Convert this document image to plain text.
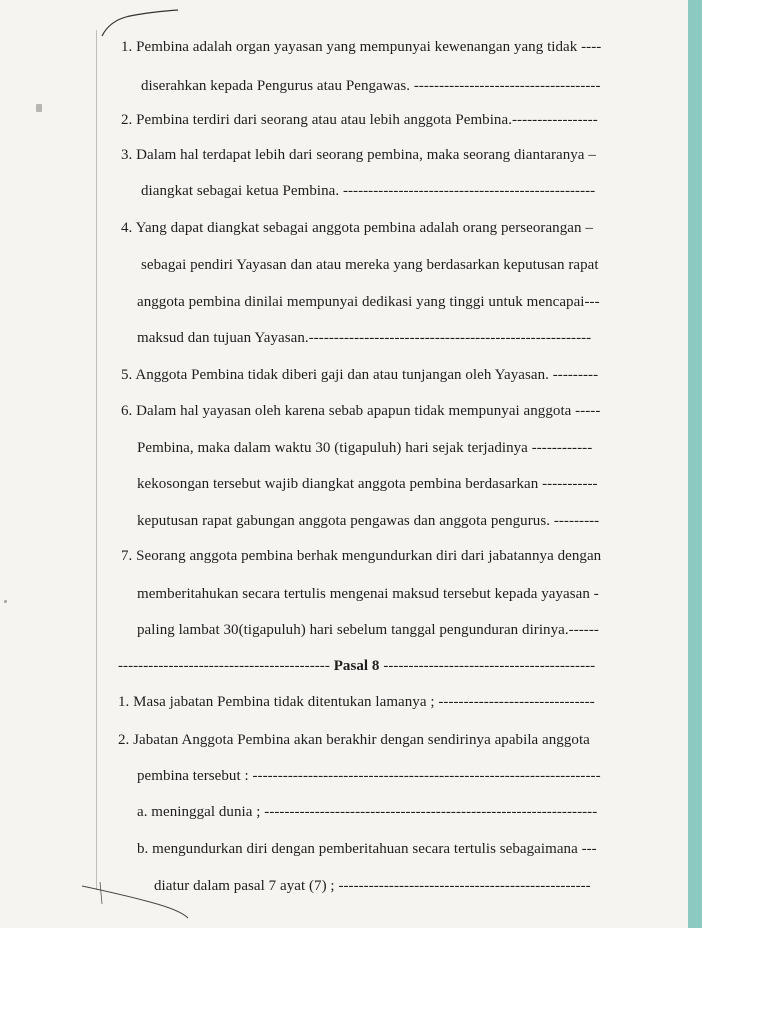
1. Pembina adalah organ yayasan yang mempunyai kewenangan yang tidak ----
diserahkan kepada Pengurus atau Pengawas. -------------------------------------
2. Pembina terdiri dari seorang atau atau lebih anggota Pembina.-----------------
3. Dalam hal terdapat lebih dari seorang pembina, maka seorang diantaranya –
diangkat sebagai ketua Pembina. --------------------------------------------------
4. Yang dapat diangkat sebagai anggota pembina adalah orang perseorangan –
sebagai pendiri Yayasan dan atau mereka yang berdasarkan keputusan rapat
anggota pembina dinilai mempunyai dedikasi yang tinggi untuk mencapai---
maksud dan tujuan Yayasan.--------------------------------------------------------
5. Anggota Pembina tidak diberi gaji dan atau tunjangan oleh Yayasan. ---------
6. Dalam hal yayasan oleh karena sebab apapun tidak mempunyai anggota -----
Pembina, maka dalam waktu 30 (tigapuluh) hari sejak terjadinya ------------
kekosongan tersebut wajib diangkat anggota pembina berdasarkan -----------
keputusan rapat gabungan anggota pengawas dan anggota pengurus. ---------
7. Seorang anggota pembina berhak mengundurkan diri dari jabatannya dengan
memberitahukan secara tertulis mengenai maksud tersebut kepada yayasan -
paling lambat 30(tigapuluh) hari sebelum tanggal pengunduran dirinya.------
------------------------------------------ Pasal 8 ------------------------------------------
1. Masa jabatan Pembina tidak ditentukan lamanya ; -------------------------------
2. Jabatan Anggota Pembina akan berakhir dengan sendirinya apabila anggota
pembina tersebut : ---------------------------------------------------------------------
a. meninggal dunia ; ------------------------------------------------------------------
b. mengundurkan diri dengan pemberitahuan secara tertulis sebagaimana ---
diatur dalam pasal 7 ayat (7) ; --------------------------------------------------
